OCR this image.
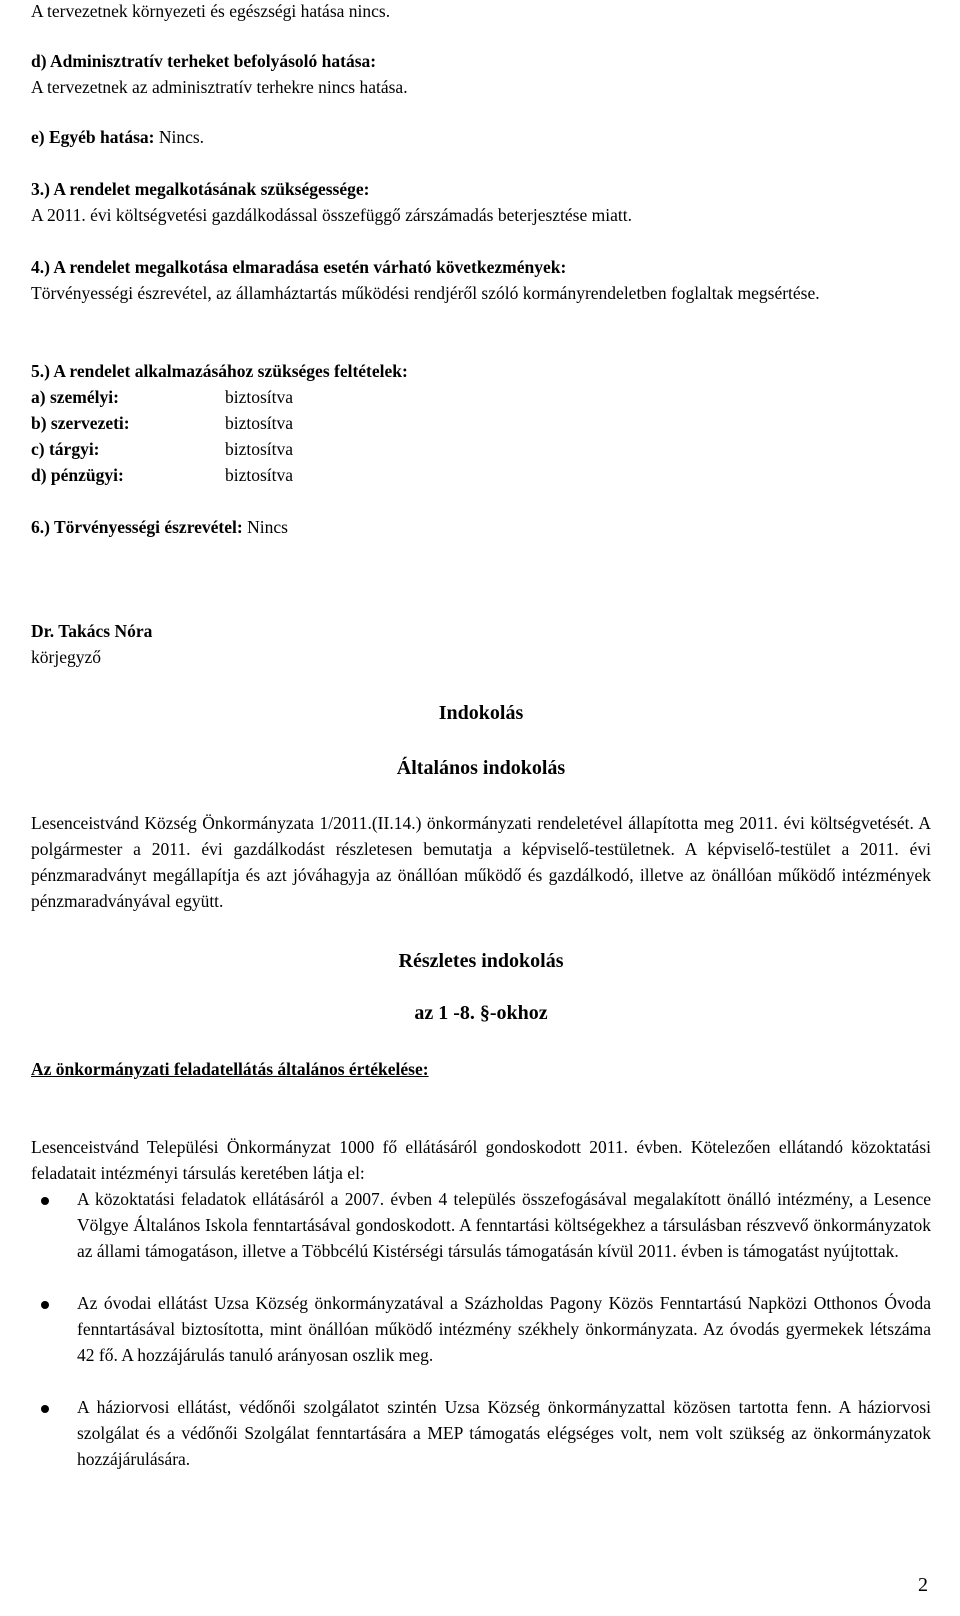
A tervezetnek környezeti és egészségi hatása nincs.
d) Adminisztratív terheket befolyásoló hatása:
A tervezetnek az adminisztratív terhekre nincs hatása.
e) Egyéb hatása: Nincs.
3.) A rendelet megalkotásának szükségessége:
A 2011. évi költségvetési gazdálkodással összefüggő zárszámadás beterjesztése miatt.
4.) A rendelet megalkotása elmaradása esetén várható következmények:
Törvényességi észrevétel, az államháztartás működési rendjéről szóló kormányrendeletben foglaltak megsértése.
5.) A rendelet alkalmazásához szükséges feltételek:
a) személyi:	biztosítva
b) szervezeti:	biztosítva
c) tárgyi:	biztosítva
d) pénzügyi:	biztosítva
6.) Törvényességi észrevétel: Nincs
Dr. Takács Nóra
körjegyző
Indokolás
Általános indokolás
Lesenceistvánd Község Önkormányzata 1/2011.(II.14.) önkormányzati rendeletével állapította meg 2011. évi költségvetését. A polgármester a 2011. évi gazdálkodást részletesen bemutatja a képviselő-testületnek. A képviselő-testület a 2011. évi pénzmaradványt megállapítja és azt jóváhagyja az önállóan működő és gazdálkodó, illetve az önállóan működő intézmények pénzmaradványával együtt.
Részletes indokolás
az 1 -8. §-okhoz
Az önkormányzati feladatellátás általános értékelése:
Lesenceistvánd Települési Önkormányzat 1000 fő ellátásáról gondoskodott 2011. évben. Kötelezően ellátandó közoktatási feladatait intézményi társulás keretében látja el:
A közoktatási feladatok ellátásáról a 2007. évben 4 település összefogásával megalakított önálló intézmény, a Lesence Völgye Általános Iskola fenntartásával gondoskodott. A fenntartási költségekhez a társulásban részvevő önkormányzatok az állami támogatáson, illetve a Többcélú Kistérségi társulás támogatásán kívül 2011. évben is támogatást nyújtottak.
Az óvodai ellátást Uzsa Község önkormányzatával a Százholdas Pagony Közös Fenntartású Napközi Otthonos Óvoda fenntartásával biztosította, mint önállóan működő intézmény székhely önkormányzata. Az óvodás gyermekek létszáma 42 fő. A hozzájárulás tanuló arányosan oszlik meg.
A háziorvosi ellátást, védőnői szolgálatot szintén Uzsa Község önkormányzattal közösen tartotta fenn. A háziorvosi szolgálat és a védőnői Szolgálat fenntartására a MEP támogatás elégséges volt, nem volt szükség az önkormányzatok hozzájárulására.
2
